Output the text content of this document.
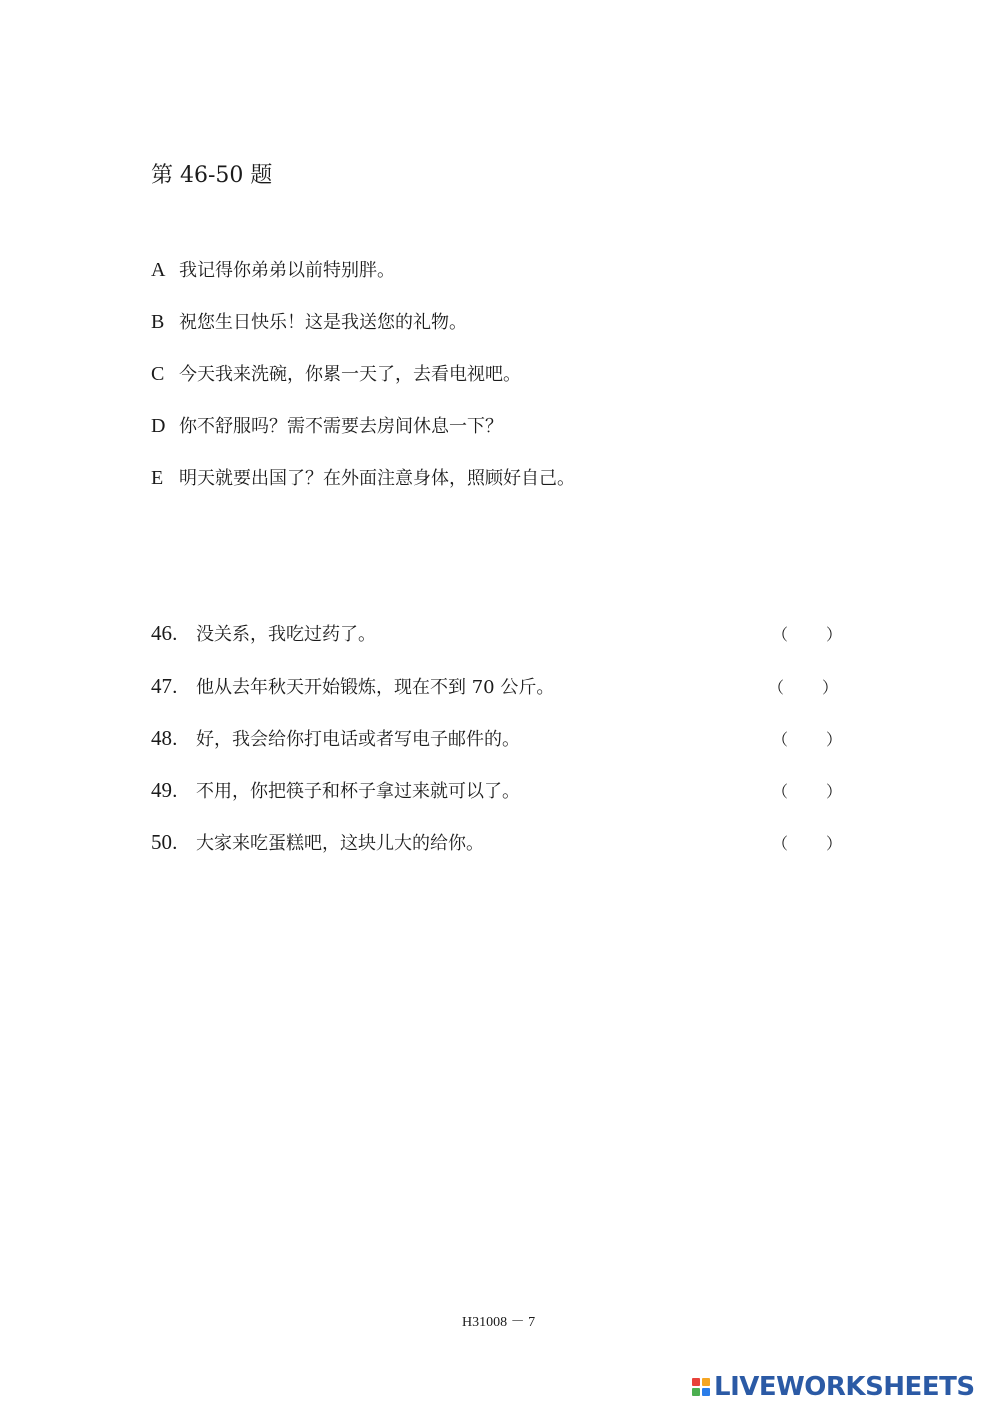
第 46-50 题
A 我记得你弟弟以前特别胖。
B 祝您生日快乐！这是我送您的礼物。
C 今天我来洗碗，你累一天了，去看电视吧。
D 你不舒服吗？需不需要去房间休息一下？
E 明天就要出国了？在外面注意身体，照顾好自己。
46． 没关系，我吃过药了。	（ ）
47． 他从去年秋天开始锻炼，现在不到 70 公斤。	（ ）
48． 好，我会给你打电话或者写电子邮件的。	（ ）
49． 不用，你把筷子和杯子拿过来就可以了。	（ ）
50． 大家来吃蛋糕吧，这块儿大的给你。	（ ）
H31008 － 7
LIVEWORKSHEETS
